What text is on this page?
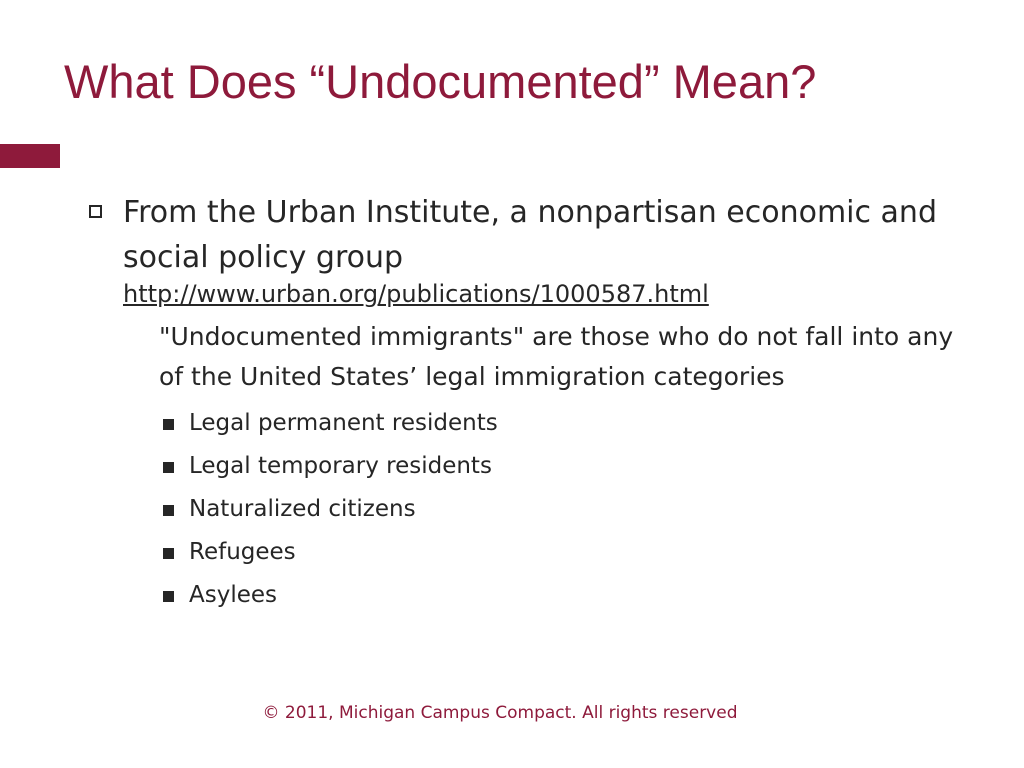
What Does “Undocumented” Mean?
From the Urban Institute, a nonpartisan economic and social policy group
http://www.urban.org/publications/1000587.html
"Undocumented immigrants" are those who do not fall into any of the United States’ legal immigration categories
Legal permanent residents
Legal temporary residents
Naturalized citizens
Refugees
Asylees
© 2011, Michigan Campus Compact. All rights reserved
